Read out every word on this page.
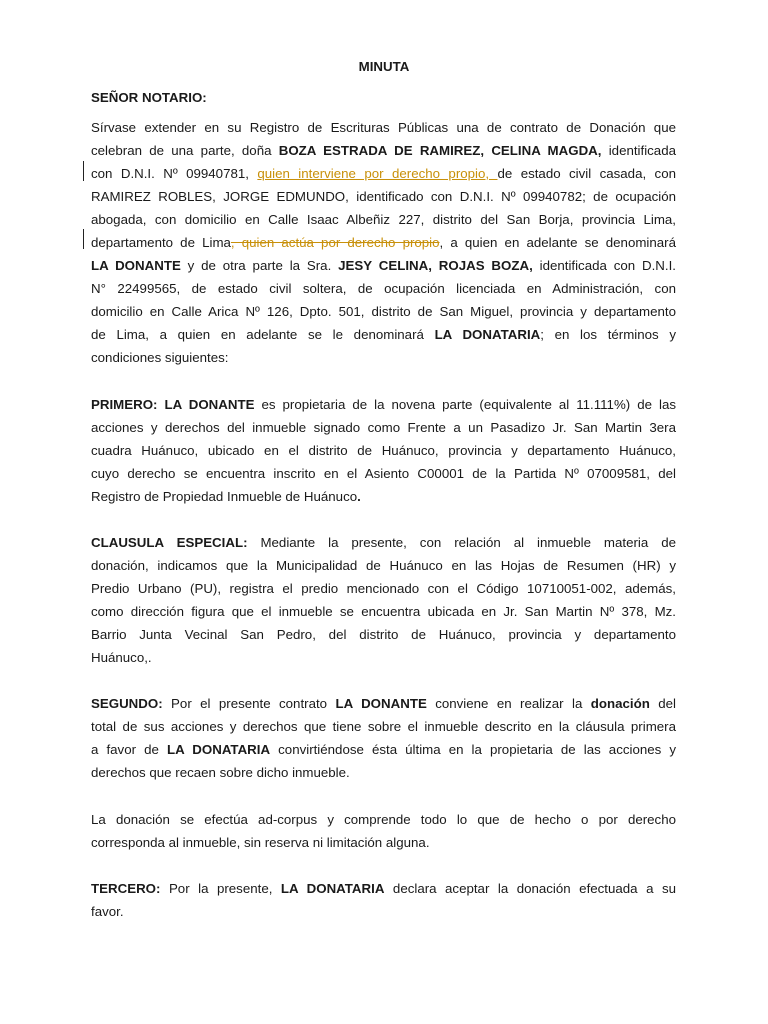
MINUTA
SEÑOR NOTARIO:
Sírvase extender en su Registro de Escrituras Públicas una de contrato de Donación que
celebran de una parte, doña BOZA ESTRADA DE RAMIREZ, CELINA MAGDA, identificada
con D.N.I. Nº 09940781, quien interviene por derecho propio, de estado civil casada, con
RAMIREZ ROBLES, JORGE EDMUNDO, identificado con D.N.I. Nº 09940782; de ocupación
abogada, con domicilio en Calle Isaac Albeñiz 227, distrito del San Borja, provincia Lima,
departamento de Lima, quien actúa por derecho propio, a quien en adelante se denominará
LA DONANTE y de otra parte la Sra. JESY CELINA, ROJAS BOZA, identificada con D.N.I.
N° 22499565, de estado civil soltera, de ocupación licenciada en Administración, con
domicilio en Calle Arica Nº 126, Dpto. 501, distrito de San Miguel, provincia y departamento
de Lima, a quien en adelante se le denominará LA DONATARIA; en los términos y
condiciones siguientes:
PRIMERO: LA DONANTE es propietaria de la novena parte (equivalente al 11.111%) de las
acciones y derechos del inmueble signado como Frente a un Pasadizo Jr. San Martin 3era
cuadra Huánuco, ubicado en el distrito de Huánuco, provincia y departamento Huánuco,
cuyo derecho se encuentra inscrito en el Asiento C00001 de la Partida Nº 07009581, del
Registro de Propiedad Inmueble de Huánuco.
CLAUSULA ESPECIAL: Mediante la presente, con relación al inmueble materia de
donación, indicamos que la Municipalidad de Huánuco en las Hojas de Resumen (HR) y
Predio Urbano (PU), registra el predio mencionado con el Código 10710051-002, además,
como dirección figura que el inmueble se encuentra ubicada en Jr. San Martin Nº 378, Mz.
Barrio Junta Vecinal San Pedro, del distrito de Huánuco, provincia y departamento
Huánuco,.
SEGUNDO: Por el presente contrato LA DONANTE conviene en realizar la donación del
total de sus acciones y derechos que tiene sobre el inmueble descrito en la cláusula primera
a favor de LA DONATARIA convirtiéndose ésta última en la propietaria de las acciones y
derechos que recaen sobre dicho inmueble.
La donación se efectúa ad-corpus y comprende todo lo que de hecho o por derecho
corresponda al inmueble, sin reserva ni limitación alguna.
TERCERO: Por la presente, LA DONATARIA declara aceptar la donación efectuada a su
favor.
